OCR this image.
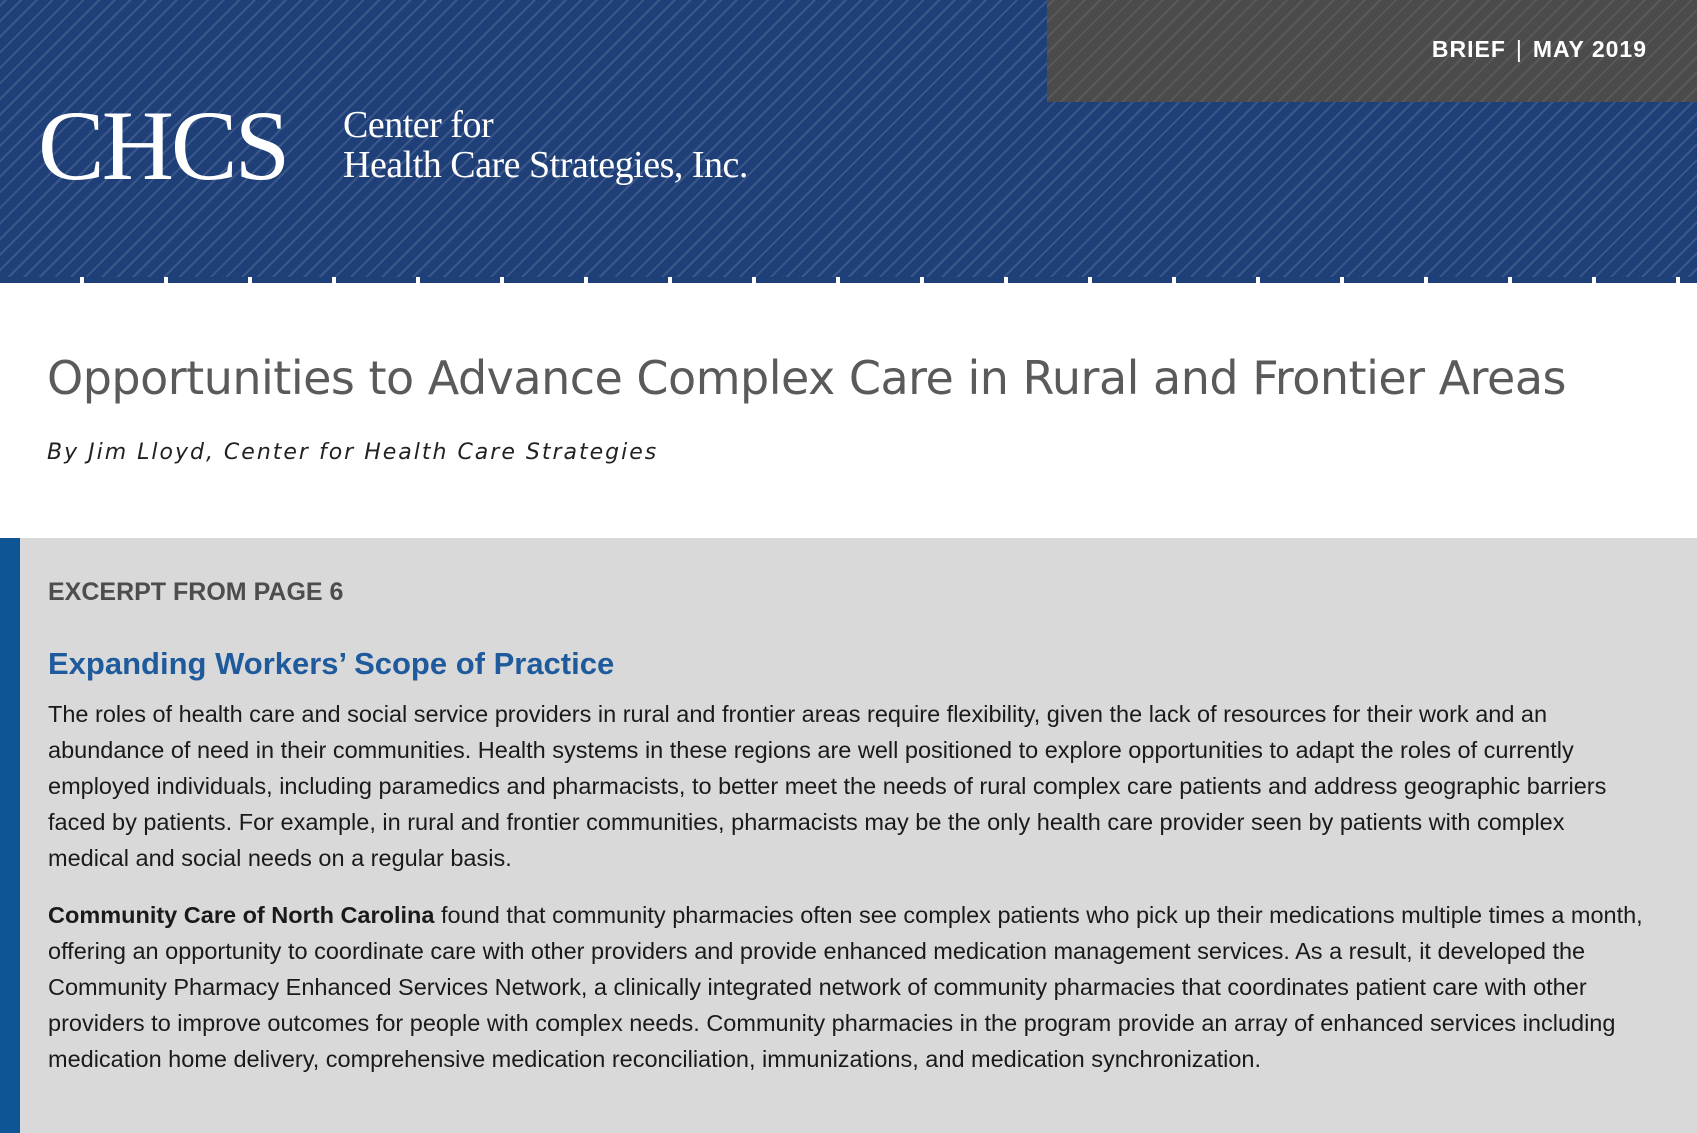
BRIEF | MAY 2019
CHCS Center for
Health Care Strategies, Inc.
Opportunities to Advance Complex Care in Rural and Frontier Areas
By Jim Lloyd, Center for Health Care Strategies
EXCERPT FROM PAGE 6
Expanding Workers’ Scope of Practice

The roles of health care and social service providers in rural and frontier areas require flexibility, given the lack of resources for their work and an abundance of need in their communities. Health systems in these regions are well positioned to explore opportunities to adapt the roles of currently employed individuals, including paramedics and pharmacists, to better meet the needs of rural complex care patients and address geographic barriers faced by patients. For example, in rural and frontier communities, pharmacists may be the only health care provider seen by patients with complex medical and social needs on a regular basis.

Community Care of North Carolina found that community pharmacies often see complex patients who pick up their medications multiple times a month, offering an opportunity to coordinate care with other providers and provide enhanced medication management services. As a result, it developed the Community Pharmacy Enhanced Services Network, a clinically integrated network of community pharmacies that coordinates patient care with other providers to improve outcomes for people with complex needs. Community pharmacies in the program provide an array of enhanced services including medication home delivery, comprehensive medication reconciliation, immunizations, and medication synchronization.
